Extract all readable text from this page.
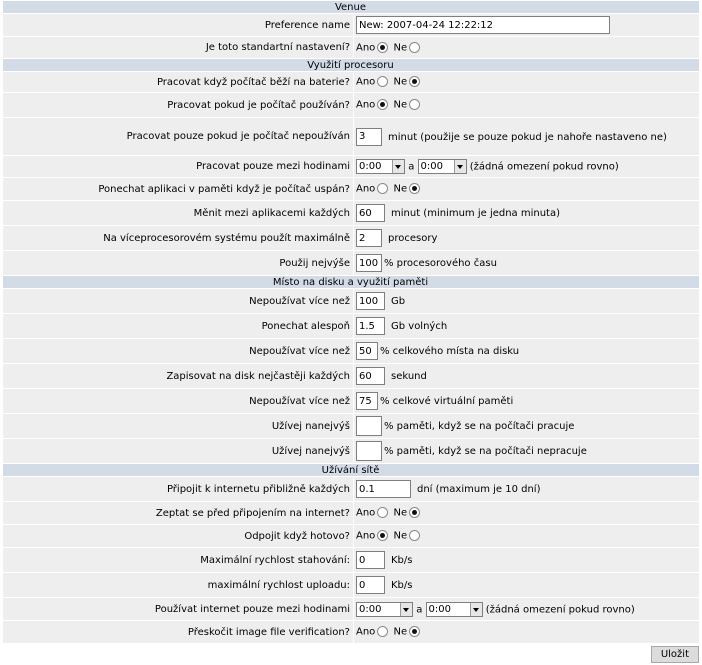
Venue	
Preference name	New: 2007-04-24 12:22:12
Je toto standartní nastavení?	Ano Ne
Využití procesoru	
Pracovat když počítač běží na baterie?	Ano Ne
Pracovat pokud je počítač používán?	Ano Ne
Pracovat pouze pokud je počítač nepoužíván	3minut (použije se pouze pokud je nahoře nastaveno ne)
Pracovat pouze mezi hodinami	0:00 a 0:00 (žádná omezení pokud rovno)
Ponechat aplikaci v paměti když je počítač uspán?	Ano Ne
Měnit mezi aplikacemi každých	60minut (minimum je jedna minuta)
Na víceprocesorovém systému použít maximálně	2procesory
Použij nejvýše	100% procesorového času
Místo na disku a využití paměti	
Nepoužívat více než	100Gb
Ponechat alespoň	1.5Gb volných
Nepoužívat více než	50% celkového místa na disku
Zapisovat na disk nejčastěji každých	60sekund
Nepoužívat více než	75% celkové virtuální paměti
Užívej nanejvýš	% paměti, když se na počítači pracuje
Užívej nanejvýš	% paměti, když se na počítači nepracuje
Užívání sítě	
Připojit k internetu přibližně každých	0.1dní (maximum je 10 dní)
Zeptat se před připojením na internet?	Ano Ne
Odpojit když hotovo?	Ano Ne
Maximální rychlost stahování:	0Kb/s
maximální rychlost uploadu:	0Kb/s
Používat internet pouze mezi hodinami	0:00 a 0:00 (žádná omezení pokud rovno)
Přeskočit image file verification?	Ano Ne
Uložit	
